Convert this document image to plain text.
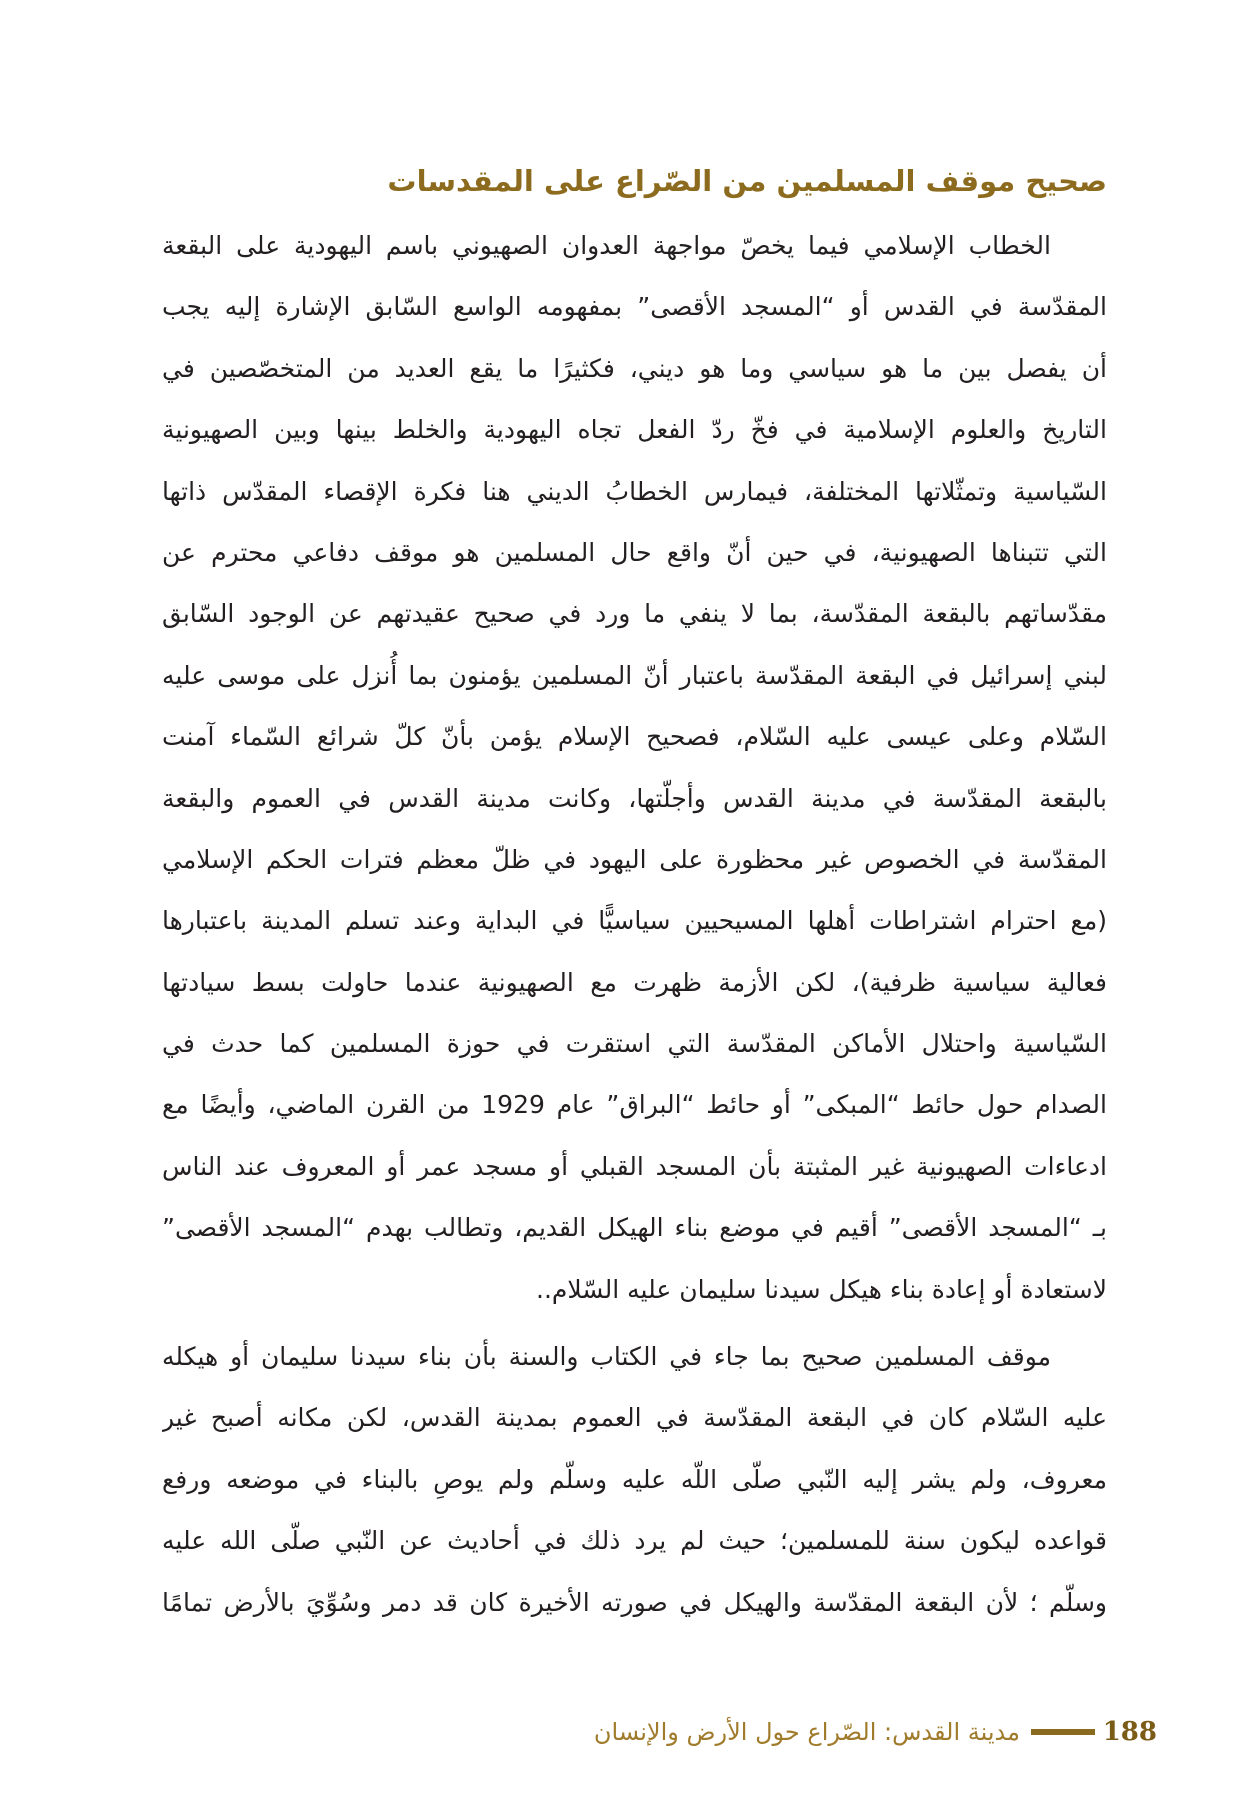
صحيح موقف المسلمين من الصّراع على المقدسات
الخطاب الإسلامي فيما يخصّ مواجهة العدوان الصهيوني باسم اليهودية على البقعة
المقدّسة في القدس أو “المسجد الأقصى” بمفهومه الواسع السّابق الإشارة إليه يجب
أن يفصل بين ما هو سياسي وما هو ديني، فكثيرًا ما يقع العديد من المتخصّصين في
التاريخ والعلوم الإسلامية في فخّ ردّ الفعل تجاه اليهودية والخلط بينها وبين الصهيونية
السّياسية وتمثّلاتها المختلفة، فيمارس الخطابُ الديني هنا فكرة الإقصاء المقدّس ذاتها
التي تتبناها الصهيونية، في حين أنّ واقع حال المسلمين هو موقف دفاعي محترم عن
مقدّساتهم بالبقعة المقدّسة، بما لا ينفي ما ورد في صحيح عقيدتهم عن الوجود السّابق
لبني إسرائيل في البقعة المقدّسة باعتبار أنّ المسلمين يؤمنون بما أُنزل على موسى عليه
السّلام وعلى عيسى عليه السّلام، فصحيح الإسلام يؤمن بأنّ كلّ شرائع السّماء آمنت
بالبقعة المقدّسة في مدينة القدس وأجلّتها، وكانت مدينة القدس في العموم والبقعة
المقدّسة في الخصوص غير محظورة على اليهود في ظلّ معظم فترات الحكم الإسلامي
(مع احترام اشتراطات أهلها المسيحيين سياسيًّا في البداية وعند تسلم المدينة باعتبارها
فعالية سياسية ظرفية)، لكن الأزمة ظهرت مع الصهيونية عندما حاولت بسط سيادتها
السّياسية واحتلال الأماكن المقدّسة التي استقرت في حوزة المسلمين كما حدث في
الصدام حول حائط “المبكى” أو حائط “البراق” عام 1929 من القرن الماضي، وأيضًا مع
ادعاءات الصهيونية غير المثبتة بأن المسجد القبلي أو مسجد عمر أو المعروف عند الناس
بـ “المسجد الأقصى” أقيم في موضع بناء الهيكل القديم، وتطالب بهدم “المسجد الأقصى”
لاستعادة أو إعادة بناء هيكل سيدنا سليمان عليه السّلام..
موقف المسلمين صحيح بما جاء في الكتاب والسنة بأن بناء سيدنا سليمان أو هيكله
عليه السّلام كان في البقعة المقدّسة في العموم بمدينة القدس، لكن مكانه أصبح غير
معروف، ولم يشر إليه النّبي صلّى اللّه عليه وسلّم ولم يوصِ بالبناء في موضعه ورفع
قواعده ليكون سنة للمسلمين؛ حيث لم يرد ذلك في أحاديث عن النّبي صلّى الله عليه
وسلّم ؛ لأن البقعة المقدّسة والهيكل في صورته الأخيرة كان قد دمر وسُوِّيَ بالأرض تمامًا
188
مدينة القدس: الصّراع حول الأرض والإنسان
